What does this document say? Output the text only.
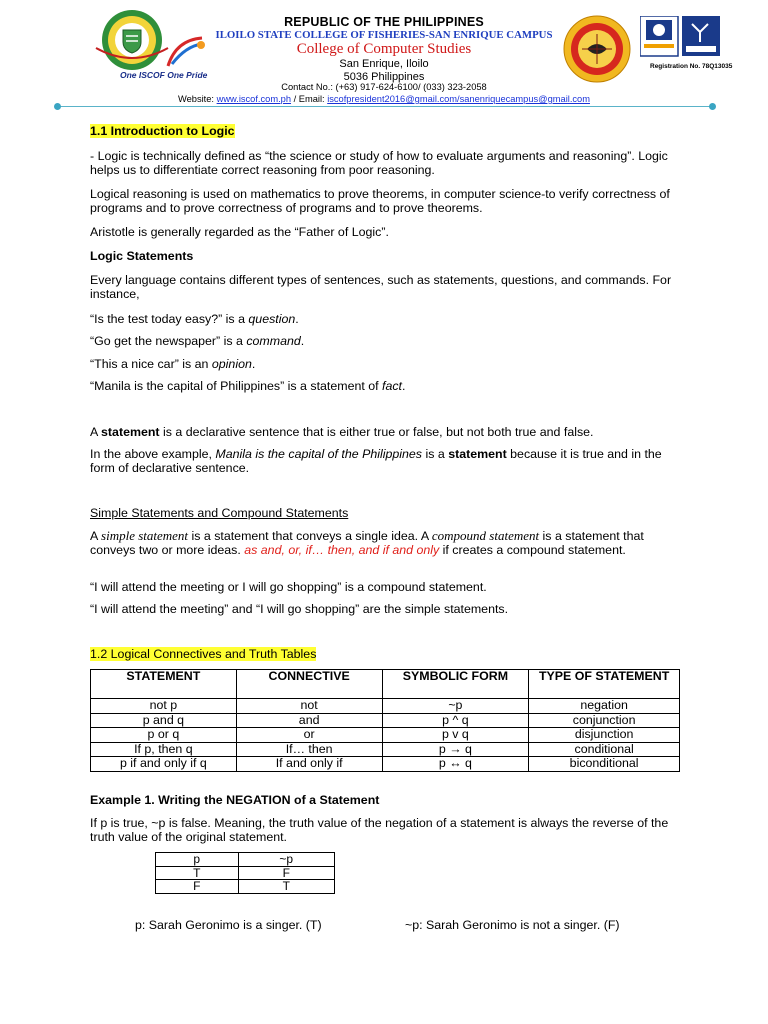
One ISCOF One Pride
REPUBLIC OF THE PHILIPPINES
ILOILO STATE COLLEGE OF FISHERIES-SAN ENRIQUE CAMPUS
College of Computer Studies
San Enrique, Iloilo
5036 Philippines
Contact No.: (+63) 917-624-6100/ (033) 323-2058
Website: www.iscof.com.ph / Email: iscofpresident2016@gmail.com/sanenriquecampus@gmail.com
Registration No. 78Q13035
1.1 Introduction to Logic

- Logic is technically defined as “the science or study of how to evaluate arguments and reasoning”. Logic helps us to differentiate correct reasoning from poor reasoning.

Logical reasoning is used on mathematics to prove theorems, in computer science-to verify correctness of programs and to prove correctness of programs and to prove theorems.

Aristotle is generally regarded as the “Father of Logic”.

Logic Statements

Every language contains different types of sentences, such as statements, questions, and commands. For instance,

“Is the test today easy?” is a question.

“Go get the newspaper” is a command.

“This a nice car” is an opinion.

“Manila is the capital of Philippines” is a statement of fact.

A statement is a declarative sentence that is either true or false, but not both true and false.

In the above example, Manila is the capital of the Philippines is a statement because it is true and in the form of declarative sentence.

Simple Statements and Compound Statements

A simple statement is a statement that conveys a single idea. A compound statement is a statement that conveys two or more ideas. as and, or, if… then, and if and only if creates a compound statement.

“I will attend the meeting or I will go shopping” is a compound statement.

“I will attend the meeting” and “I will go shopping” are the simple statements.

1.2 Logical Connectives and Truth Tables
STATEMENT	CONNECTIVE	SYMBOLIC FORM	TYPE OF STATEMENT
not p	not	~p	negation
p and q	and	p ^ q	conjunction
p or q	or	p v q	disjunction
If p, then q	If… then	p → q	conditional
p if and only if q	If and only if	p ↔ q	biconditional

Example 1. Writing the NEGATION of a Statement

If p is true, ~p is false. Meaning, the truth value of the negation of a statement is always the reverse of the truth value of the original statement.

p	~p
T	F
F	T

p: Sarah Geronimo is a singer. (T)	~p: Sarah Geronimo is not a singer. (F)
